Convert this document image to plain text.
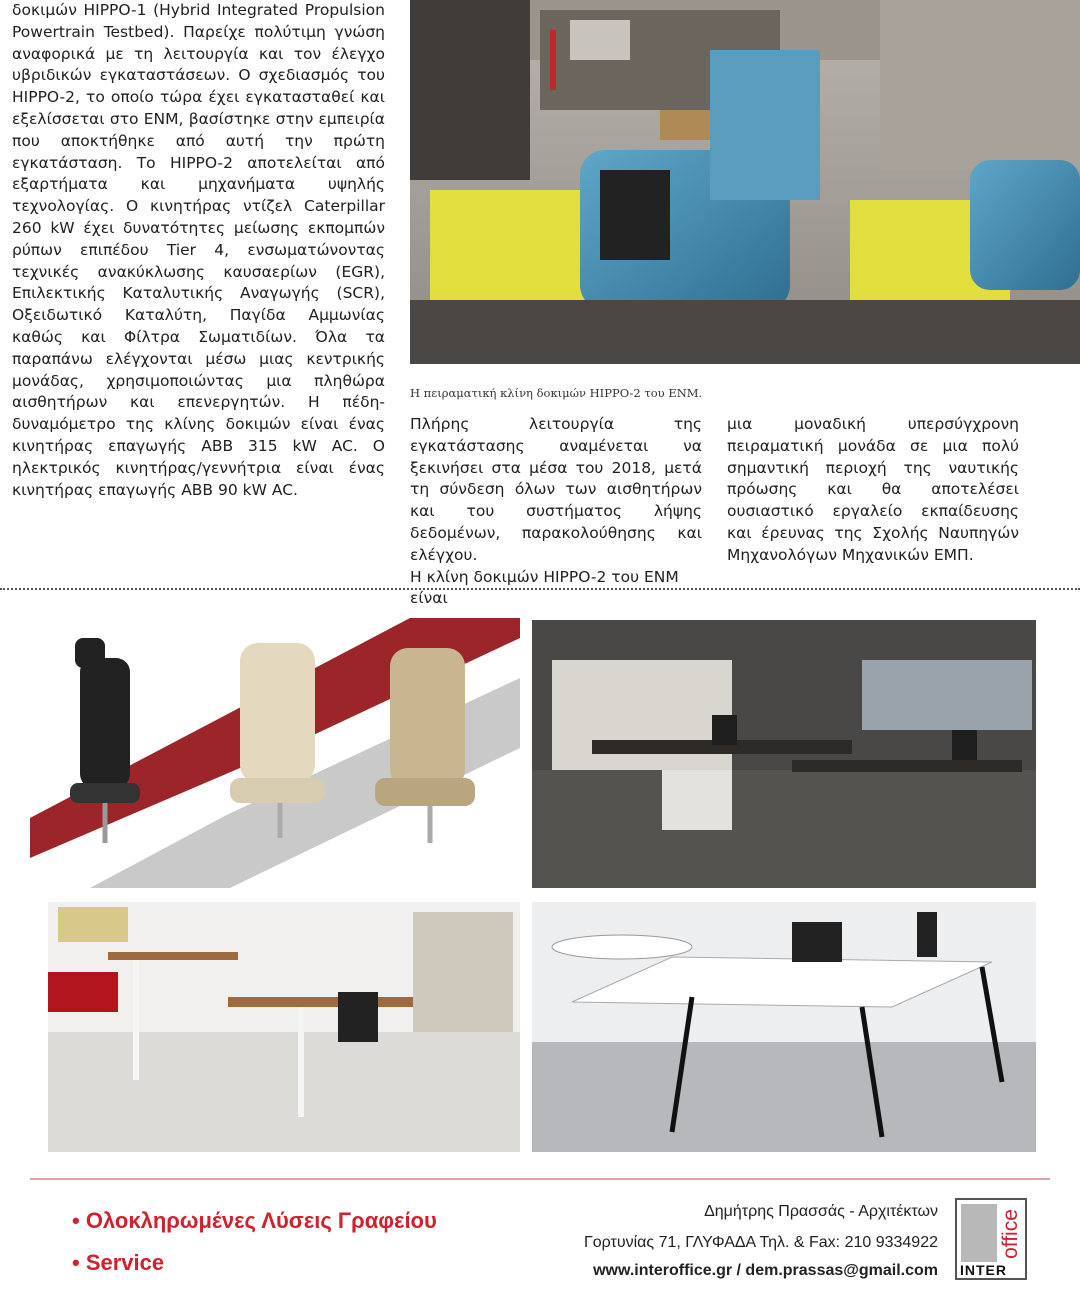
δοκιμών HIPPO-1 (Hybrid Integrated Propulsion Powertrain Testbed). Παρείχε πολύτιμη γνώση αναφορικά με τη λειτουργία και τον έλεγχο υβριδικών εγκαταστάσεων. Ο σχεδιασμός του HIPPO-2, το οποίο τώρα έχει εγκατασταθεί και εξελίσσεται στο ΕΝΜ, βασίστηκε στην εμπειρία που αποκτήθηκε από αυτή την πρώτη εγκατάσταση. Το HIPPO-2 αποτελείται από εξαρτήματα και μηχανήματα υψηλής τεχνολογίας. Ο κινητήρας ντίζελ Caterpillar 260 kW έχει δυνατότητες μείωσης εκπομπών ρύπων επιπέδου Tier 4, ενσωματώνοντας τεχνικές ανακύκλωσης καυσαερίων (EGR), Επιλεκτικής Καταλυτικής Αναγωγής (SCR), Οξειδωτικό Καταλύτη, Παγίδα Αμμωνίας καθώς και Φίλτρα Σωματιδίων. Όλα τα παραπάνω ελέγχονται μέσω μιας κεντρικής μονάδας, χρησιμοποιώντας μια πληθώρα αισθητήρων και επενεργητών. Η πέδη-δυναμόμετρο της κλίνης δοκιμών είναι ένας κινητήρας επαγωγής ABB 315 kW AC. Ο ηλεκτρικός κινητήρας/γεννήτρια είναι ένας κινητήρας επαγωγής ABB 90 kW AC.
Η πειραματική κλίνη δοκιμών HIPPO-2 του ΕΝΜ.
Πλήρης λειτουργία της εγκατάστασης αναμένεται να ξεκινήσει στα μέσα του 2018, μετά τη σύνδεση όλων των αισθητήρων και του συστήματος λήψης δεδομένων, παρακολούθησης και ελέγχου.
Η κλίνη δοκιμών HIPPO-2 του ΕΝΜ είναι
μια μοναδική υπερσύγχρονη πειραματική μονάδα σε μια πολύ σημαντική περιοχή της ναυτικής πρόωσης και θα αποτελέσει ουσιαστικό εργαλείο εκπαίδευσης και έρευνας της Σχολής Ναυπηγών Μηχανολόγων Μηχανικών ΕΜΠ.
• Ολοκληρωμένες Λύσεις Γραφείου
• Service
Δημήτρης Πρασσάς - Αρχιτέκτων
Γορτυνίας 71, ΓΛΥΦΑΔΑ Τηλ. & Fax: 210 9334922
www.interoffice.gr / dem.prassas@gmail.com
office
INTER
